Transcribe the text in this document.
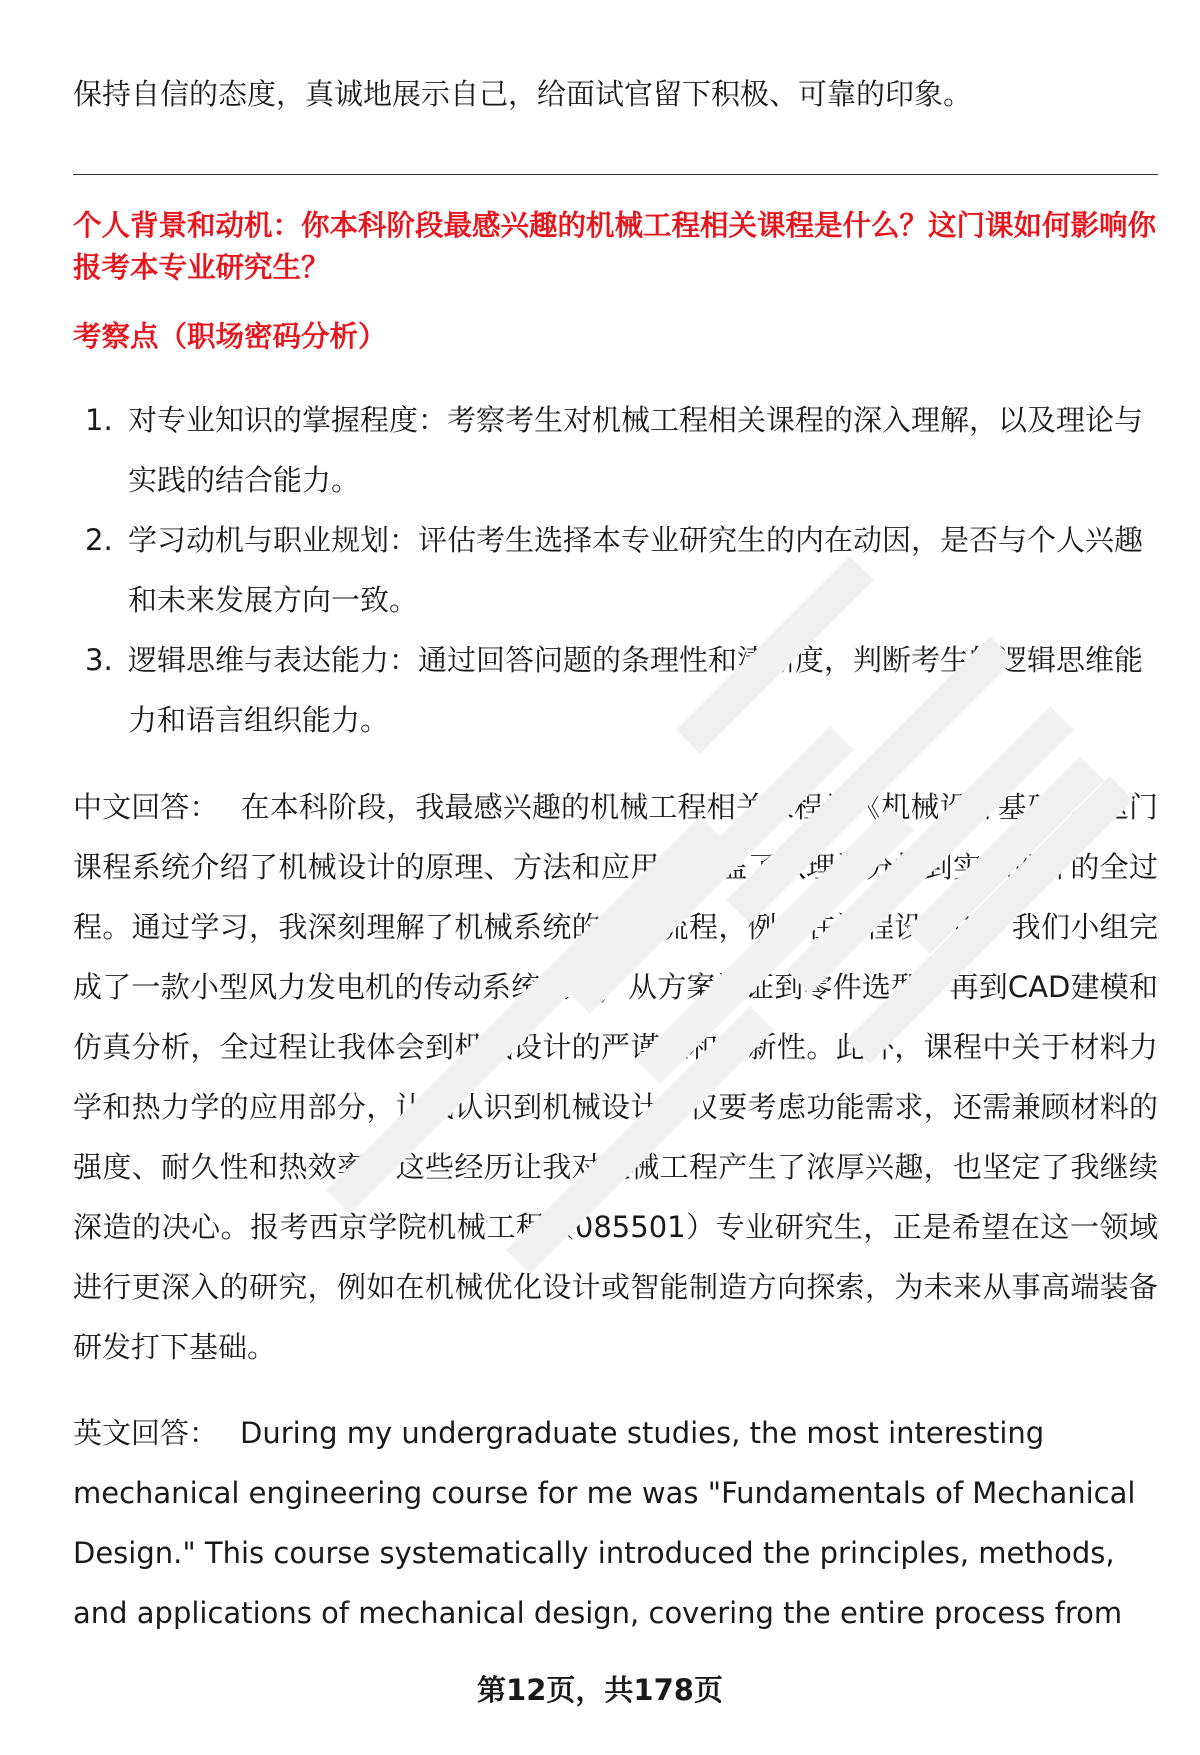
保持自信的态度，真诚地展示自己，给面试官留下积极、可靠的印象。

个人背景和动机：你本科阶段最感兴趣的机械工程相关课程是什么？这门课如何影响你报考本专业研究生？

考察点（职场密码分析）

1. 对专业知识的掌握程度：考察考生对机械工程相关课程的深入理解，以及理论与实践的结合能力。
2. 学习动机与职业规划：评估考生选择本专业研究生的内在动因，是否与个人兴趣和未来发展方向一致。
3. 逻辑思维与表达能力：通过回答问题的条理性和清晰度，判断考生的逻辑思维能力和语言组织能力。

中文回答： 在本科阶段，我最感兴趣的机械工程相关课程是《机械设计基础》。这门课程系统介绍了机械设计的原理、方法和应用，涵盖了从理论分析到实际设计的全过程。通过学习，我深刻理解了机械系统的设计流程，例如在课程设计中，我们小组完成了一款小型风力发电机的传动系统设计，从方案论证到零件选型，再到CAD建模和仿真分析，全过程让我体会到机械设计的严谨性和创新性。此外，课程中关于材料力学和热力学的应用部分，让我认识到机械设计不仅要考虑功能需求，还需兼顾材料的强度、耐久性和热效率。这些经历让我对机械工程产生了浓厚兴趣，也坚定了我继续深造的决心。报考西京学院机械工程（085501）专业研究生，正是希望在这一领域进行更深入的研究，例如在机械优化设计或智能制造方向探索，为未来从事高端装备研发打下基础。

英文回答： During my undergraduate studies, the most interesting mechanical engineering course for me was "Fundamentals of Mechanical Design." This course systematically introduced the principles, methods, and applications of mechanical design, covering the entire process from

第12页，共178页
